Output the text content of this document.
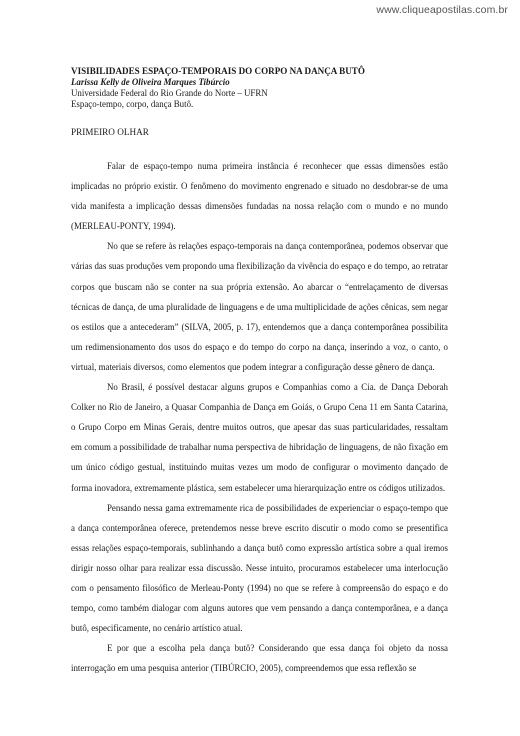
www.cliqueapostilas.com.br
VISIBILIDADES ESPAÇO-TEMPORAIS DO CORPO NA DANÇA BUTÔ
Larissa Kelly de Oliveira Marques Tibúrcio
Universidade Federal do Rio Grande do Norte – UFRN
Espaço-tempo, corpo, dança Butô.
PRIMEIRO OLHAR

Falar de espaço-tempo numa primeira instância é reconhecer que essas dimensões estão implicadas no próprio existir. O fenômeno do movimento engrenado e situado no desdobrar-se de uma vida manifesta a implicação dessas dimensões fundadas na nossa relação com o mundo e no mundo (MERLEAU-PONTY, 1994).

No que se refere às relações espaço-temporais na dança contemporânea, podemos observar que várias das suas produções vem propondo uma flexibilização da vivência do espaço e do tempo, ao retratar corpos que buscam não se conter na sua própria extensão. Ao abarcar o “entrelaçamento de diversas técnicas de dança, de uma pluralidade de linguagens e de uma multiplicidade de ações cênicas, sem negar os estilos que a antecederam” (SILVA, 2005, p. 17), entendemos que a dança contemporânea possibilita um redimensionamento dos usos do espaço e do tempo do corpo na dança, inserindo a voz, o canto, o virtual, materiais diversos, como elementos que podem integrar a configuração desse gênero de dança.

No Brasil, é possível destacar alguns grupos e Companhias como a Cia. de Dança Deborah Colker no Rio de Janeiro, a Quasar Companhia de Dança em Goiás, o Grupo Cena 11 em Santa Catarina, o Grupo Corpo em Minas Gerais, dentre muitos outros, que apesar das suas particularidades, ressaltam em comum a possibilidade de trabalhar numa perspectiva de hibridação de linguagens, de não fixação em um único código gestual, instituindo muitas vezes um modo de configurar o movimento dançado de forma inovadora, extremamente plástica, sem estabelecer uma hierarquização entre os códigos utilizados.

Pensando nessa gama extremamente rica de possibilidades de experienciar o espaço-tempo que a dança contemporânea oferece, pretendemos nesse breve escrito discutir o modo como se presentifica essas relações espaço-temporais, sublinhando a dança butô como expressão artística sobre a qual iremos dirigir nosso olhar para realizar essa discussão. Nesse intuito, procuramos estabelecer uma interlocução com o pensamento filosófico de Merleau-Ponty (1994) no que se refere à compreensão do espaço e do tempo, como também dialogar com alguns autores que vem pensando a dança contemporânea, e a dança butô, especificamente, no cenário artístico atual.

E por que a escolha pela dança butô? Considerando que essa dança foi objeto da nossa interrogação em uma pesquisa anterior (TIBÚRCIO, 2005), compreendemos que essa reflexão se
